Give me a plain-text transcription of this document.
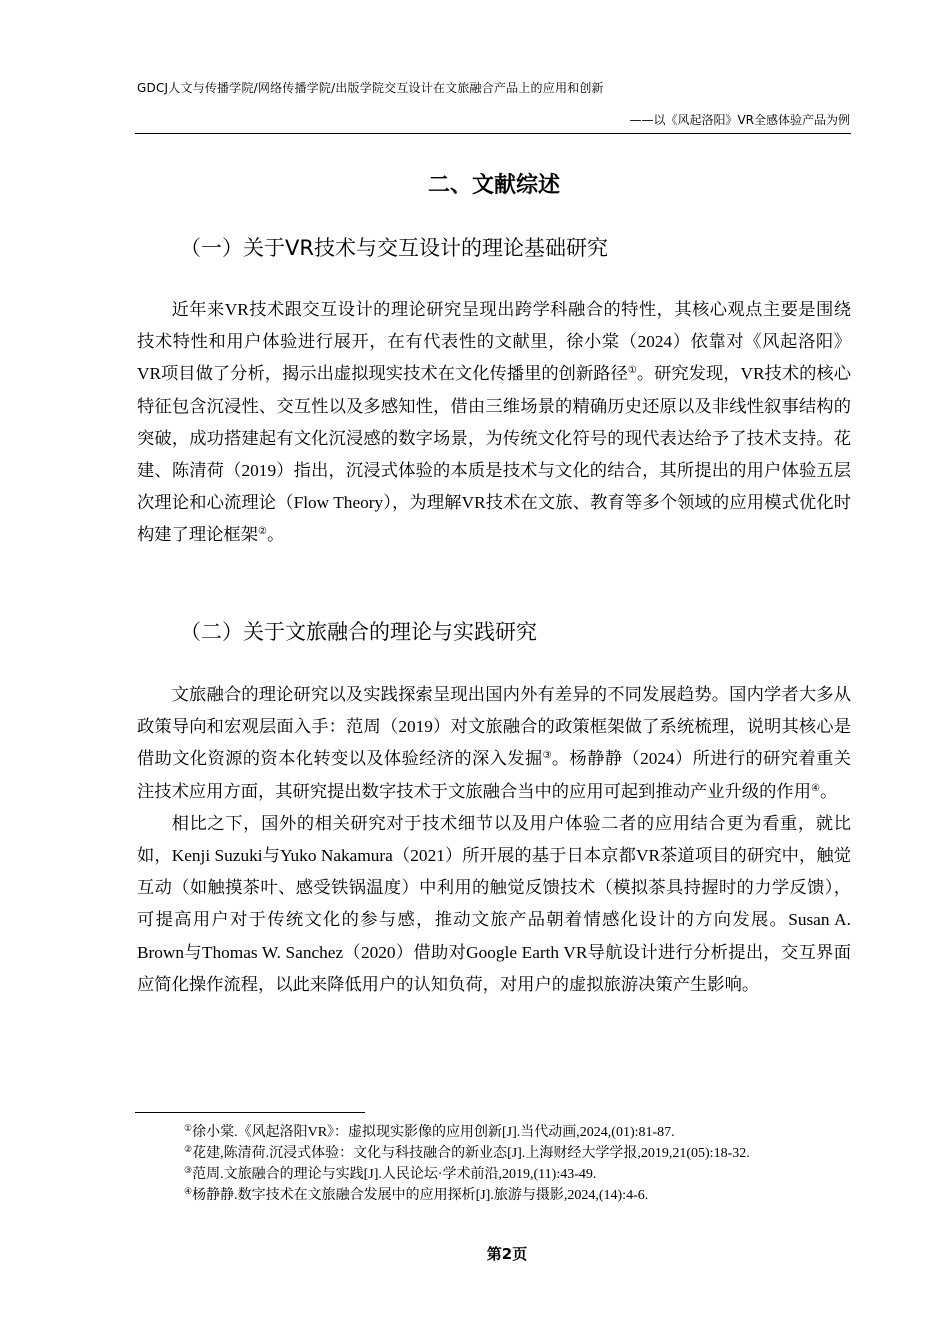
GDCJ人文与传播学院/网络传播学院/出版学院交互设计在文旅融合产品上的应用和创新
——以《风起洛阳》VR全感体验产品为例
二、文献综述
（一）关于VR技术与交互设计的理论基础研究

近年来VR技术跟交互设计的理论研究呈现出跨学科融合的特性，其核心观点主要是围绕技术特性和用户体验进行展开，在有代表性的文献里，徐小棠（2024）依靠对《风起洛阳》VR项目做了分析，揭示出虚拟现实技术在文化传播里的创新路径①。研究发现，VR技术的核心特征包含沉浸性、交互性以及多感知性，借由三维场景的精确历史还原以及非线性叙事结构的突破，成功搭建起有文化沉浸感的数字场景，为传统文化符号的现代表达给予了技术支持。花建、陈清荷（2019）指出，沉浸式体验的本质是技术与文化的结合，其所提出的用户体验五层次理论和心流理论（Flow Theory），为理解VR技术在文旅、教育等多个领域的应用模式优化时构建了理论框架②。

（二）关于文旅融合的理论与实践研究

文旅融合的理论研究以及实践探索呈现出国内外有差异的不同发展趋势。国内学者大多从政策导向和宏观层面入手：范周（2019）对文旅融合的政策框架做了系统梳理，说明其核心是借助文化资源的资本化转变以及体验经济的深入发掘③。杨静静（2024）所进行的研究着重关注技术应用方面，其研究提出数字技术于文旅融合当中的应用可起到推动产业升级的作用④。

相比之下，国外的相关研究对于技术细节以及用户体验二者的应用结合更为看重，就比如，Kenji Suzuki与Yuko Nakamura（2021）所开展的基于日本京都VR茶道项目的研究中，触觉互动（如触摸茶叶、感受铁锅温度）中利用的触觉反馈技术（模拟茶具持握时的力学反馈），可提高用户对于传统文化的参与感，推动文旅产品朝着情感化设计的方向发展。Susan A. Brown与Thomas W. Sanchez（2020）借助对Google Earth VR导航设计进行分析提出，交互界面应简化操作流程，以此来降低用户的认知负荷，对用户的虚拟旅游决策产生影响。

①徐小棠.《风起洛阳VR》：虚拟现实影像的应用创新[J].当代动画,2024,(01):81-87.

②花建,陈清荷.沉浸式体验：文化与科技融合的新业态[J].上海财经大学学报,2019,21(05):18-32.

③范周.文旅融合的理论与实践[J].人民论坛·学术前沿,2019,(11):43-49.

④杨静静.数字技术在文旅融合发展中的应用探析[J].旅游与摄影,2024,(14):4-6.

第2页
